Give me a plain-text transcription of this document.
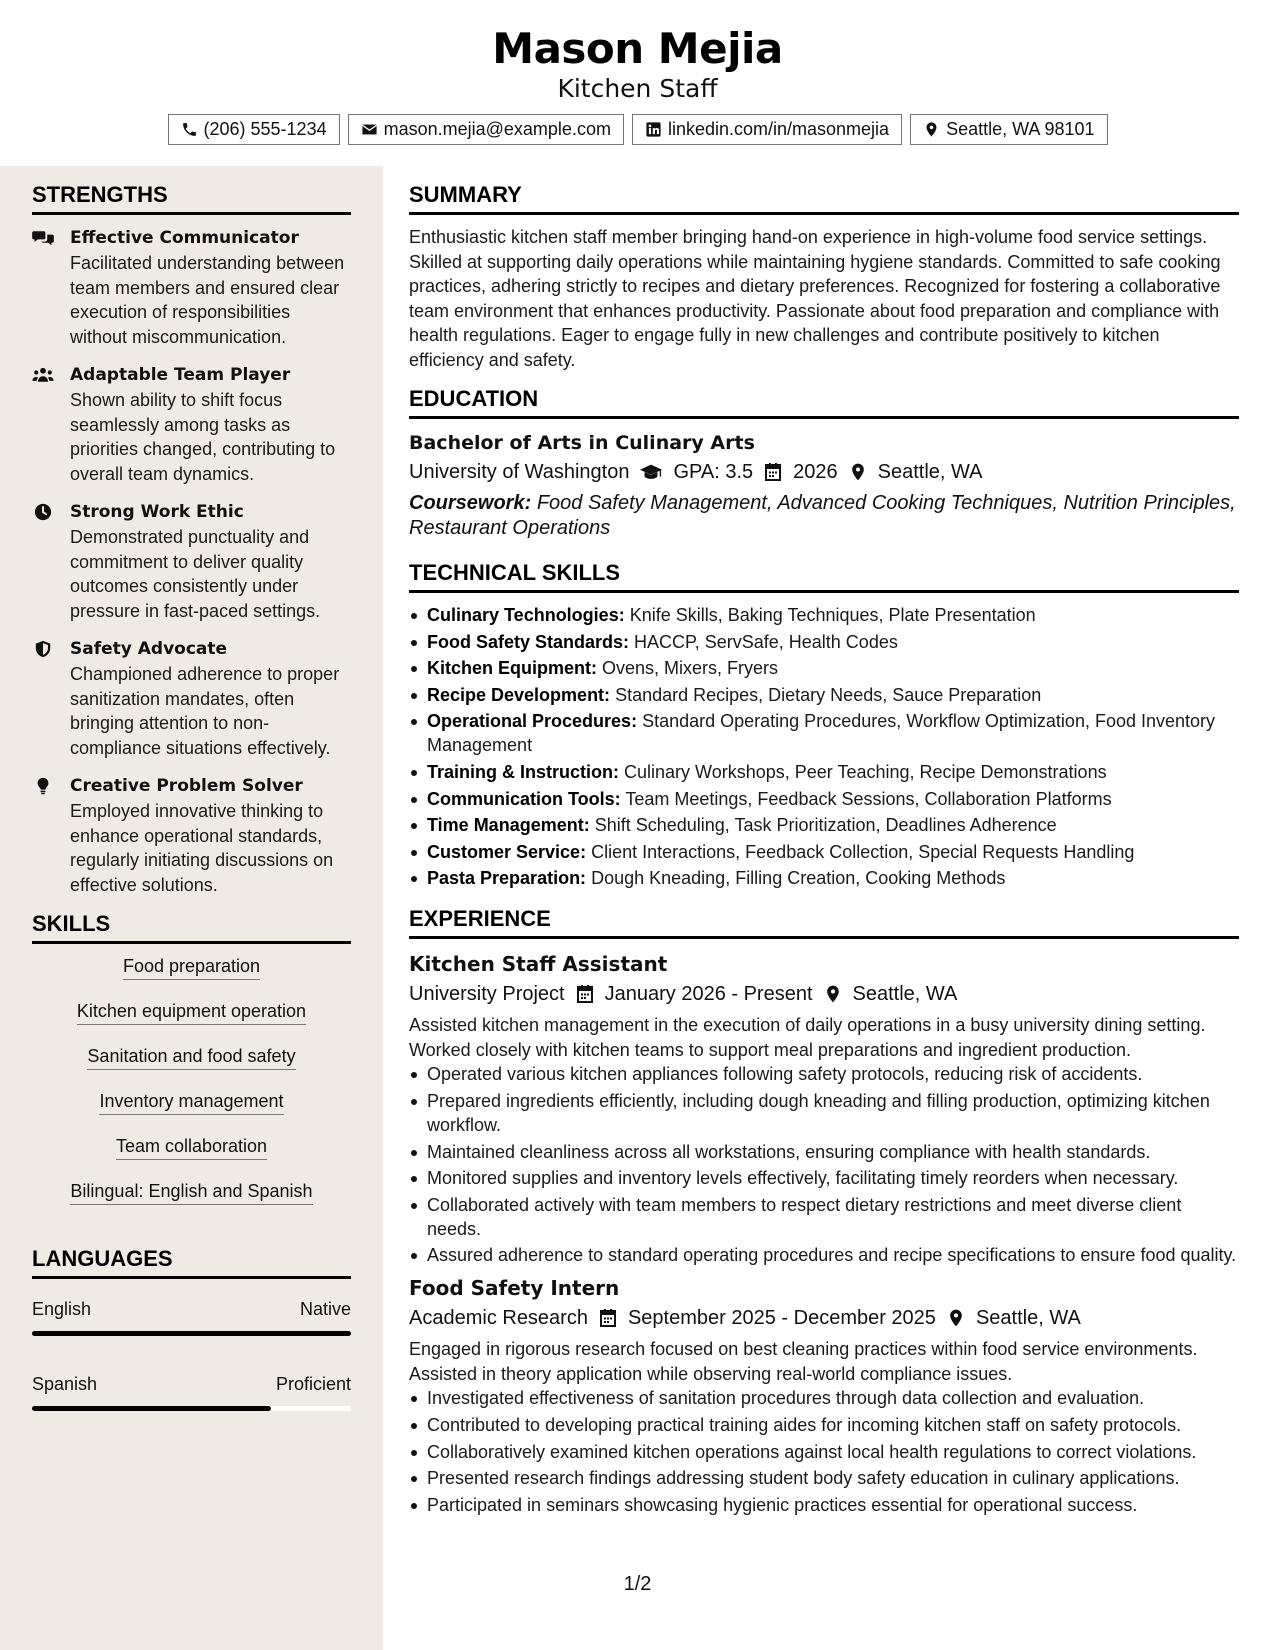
Mason Mejia
Kitchen Staff
(206) 555-1234	mason.mejia@example.com	linkedin.com/in/masonmejia	Seattle, WA 98101
STRENGTHS
Effective Communicator
Facilitated understanding between team members and ensured clear execution of responsibilities without miscommunication.
Adaptable Team Player
Shown ability to shift focus seamlessly among tasks as priorities changed, contributing to overall team dynamics.
Strong Work Ethic
Demonstrated punctuality and commitment to deliver quality outcomes consistently under pressure in fast-paced settings.
Safety Advocate
Championed adherence to proper sanitization mandates, often bringing attention to non-compliance situations effectively.
Creative Problem Solver
Employed innovative thinking to enhance operational standards, regularly initiating discussions on effective solutions.
SKILLS
Food preparation
Kitchen equipment operation
Sanitation and food safety
Inventory management
Team collaboration
Bilingual: English and Spanish
LANGUAGES
English	Native
Spanish	Proficient
SUMMARY
Enthusiastic kitchen staff member bringing hand-on experience in high-volume food service settings. Skilled at supporting daily operations while maintaining hygiene standards. Committed to safe cooking practices, adhering strictly to recipes and dietary preferences. Recognized for fostering a collaborative team environment that enhances productivity. Passionate about food preparation and compliance with health regulations. Eager to engage fully in new challenges and contribute positively to kitchen efficiency and safety.
EDUCATION
Bachelor of Arts in Culinary Arts
University of Washington GPA: 3.5 2026 Seattle, WA
Coursework: Food Safety Management, Advanced Cooking Techniques, Nutrition Principles, Restaurant Operations
TECHNICAL SKILLS
Culinary Technologies: Knife Skills, Baking Techniques, Plate Presentation
Food Safety Standards: HACCP, ServSafe, Health Codes
Kitchen Equipment: Ovens, Mixers, Fryers
Recipe Development: Standard Recipes, Dietary Needs, Sauce Preparation
Operational Procedures: Standard Operating Procedures, Workflow Optimization, Food Inventory Management
Training & Instruction: Culinary Workshops, Peer Teaching, Recipe Demonstrations
Communication Tools: Team Meetings, Feedback Sessions, Collaboration Platforms
Time Management: Shift Scheduling, Task Prioritization, Deadlines Adherence
Customer Service: Client Interactions, Feedback Collection, Special Requests Handling
Pasta Preparation: Dough Kneading, Filling Creation, Cooking Methods
EXPERIENCE
Kitchen Staff Assistant
University Project January 2026 - Present Seattle, WA
Assisted kitchen management in the execution of daily operations in a busy university dining setting. Worked closely with kitchen teams to support meal preparations and ingredient production.
Operated various kitchen appliances following safety protocols, reducing risk of accidents.
Prepared ingredients efficiently, including dough kneading and filling production, optimizing kitchen workflow.
Maintained cleanliness across all workstations, ensuring compliance with health standards.
Monitored supplies and inventory levels effectively, facilitating timely reorders when necessary.
Collaborated actively with team members to respect dietary restrictions and meet diverse client needs.
Assured adherence to standard operating procedures and recipe specifications to ensure food quality.
Food Safety Intern
Academic Research September 2025 - December 2025 Seattle, WA
Engaged in rigorous research focused on best cleaning practices within food service environments. Assisted in theory application while observing real-world compliance issues.
Investigated effectiveness of sanitation procedures through data collection and evaluation.
Contributed to developing practical training aides for incoming kitchen staff on safety protocols.
Collaboratively examined kitchen operations against local health regulations to correct violations.
Presented research findings addressing student body safety education in culinary applications.
Participated in seminars showcasing hygienic practices essential for operational success.
1/2
